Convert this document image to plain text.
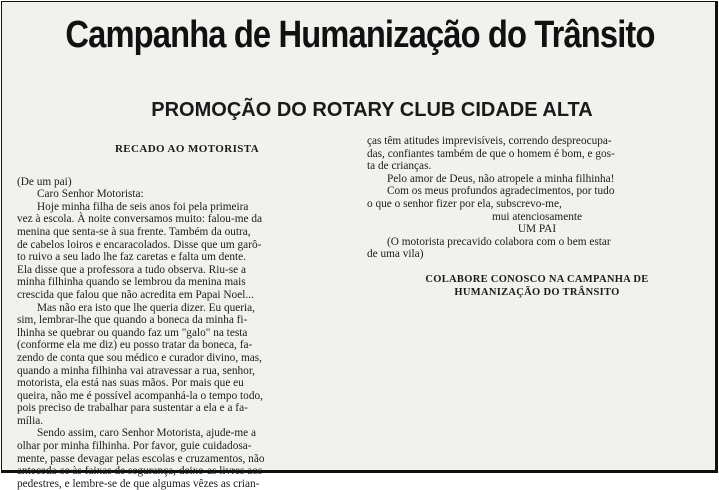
Campanha de Humanização do Trânsito
PROMOÇÃO DO ROTARY CLUB CIDADE ALTA

RECADO AO MOTORISTA

(De um pai)

Caro Senhor Motorista:

Hoje minha filha de seis anos foi pela primeira

vez à escola. À noite conversamos muito: falou-me da

menina que senta-se à sua frente. Também da outra,

de cabelos loiros e encaracolados. Disse que um garô-

to ruivo a seu lado lhe faz caretas e falta um dente.

Ela disse que a professora a tudo observa. Riu-se a

minha filhinha quando se lembrou da menina mais

crescida que falou que não acredita em Papai Noel...

Mas não era isto que lhe queria dizer. Eu queria,

sim, lembrar-lhe que quando a boneca da minha fi-

lhinha se quebrar ou quando faz um "galo" na testa

(conforme ela me diz) eu posso tratar da boneca, fa-

zendo de conta que sou médico e curador divino, mas,

quando a minha filhinha vai atravessar a rua, senhor,

motorista, ela está nas suas mãos. Por mais que eu

queira, não me é possível acompanhá-la o tempo todo,

pois preciso de trabalhar para sustentar a ela e a fa-

mília.

Sendo assim, caro Senhor Motorista, ajude-me a

olhar por minha filhinha. Por favor, guie cuidadosa-

mente, passe devagar pelas escolas e cruzamentos, não

anteceda-se às faixas de segurança, deixe-as livres aos

pedestres, e lembre-se de que algumas vêzes as crian-

ças têm atitudes imprevisíveis, correndo despreocupa-

das, confiantes também de que o homem é bom, e gos-

ta de crianças.

Pelo amor de Deus, não atropele a minha filhinha!

Com os meus profundos agradecimentos, por tudo

o que o senhor fizer por ela, subscrevo-me,

mui atenciosamente

UM PAI

(O motorista precavido colabora com o bem estar

de uma vila)

COLABORE CONOSCO NA CAMPANHA DE

HUMANIZAÇÃO DO TRÂNSITO
